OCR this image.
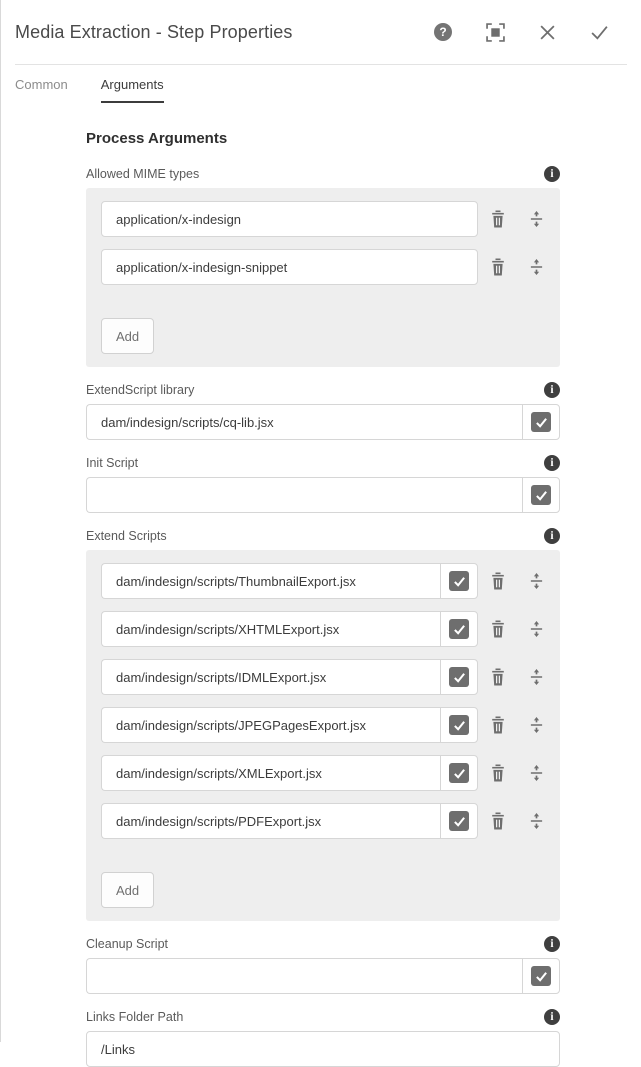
Media Extraction - Step Properties	?
Common	Arguments
Process Arguments
Allowed MIME types	i
application/x-indesign
application/x-indesign-snippet
Add
ExtendScript library	i
dam/indesign/scripts/cq-lib.jsx
Init Script	i
Extend Scripts	i
dam/indesign/scripts/ThumbnailExport.jsx
dam/indesign/scripts/XHTMLExport.jsx
dam/indesign/scripts/IDMLExport.jsx
dam/indesign/scripts/JPEGPagesExport.jsx
dam/indesign/scripts/XMLExport.jsx
dam/indesign/scripts/PDFExport.jsx
Add
Cleanup Script	i
Links Folder Path	i
/Links
